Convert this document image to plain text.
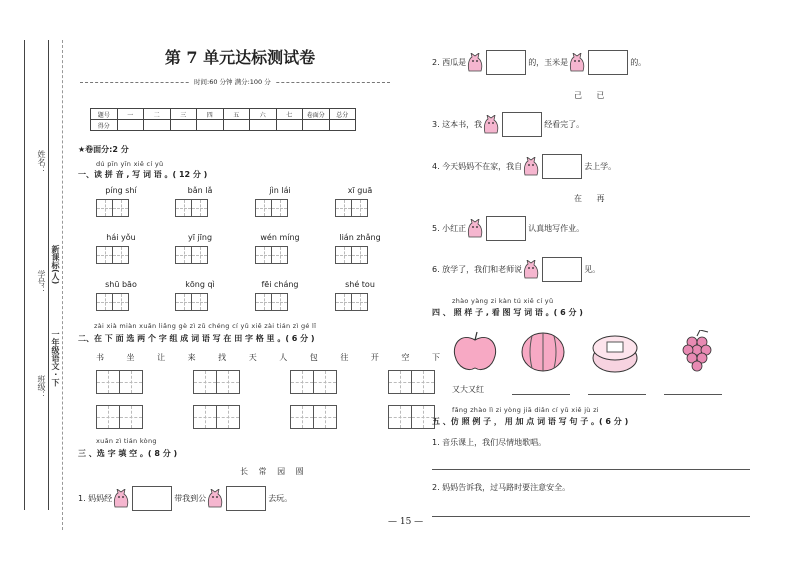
姓名：
学号： 新课标(人)
一年级语文 · 下
班级：
第 7 单元达标测试卷
时间:60 分钟 满分:100 分
题号	一	二	三	四	五	六	七	卷面分	总分
得分									
★卷面分:2 分
dú pīn yīn xiě cí yǔ
一、读 拼 音 , 写 词 语 。( 12 分 )
píng shí	bǎn lǎ	jìn lái	xī guā
hái yǒu	yī jīng	wén míng	lián zhǎng
shū bāo	kōng qì	fēi cháng	shé tou
zài xià miàn xuǎn liǎng gè zì zǔ chéng cí yǔ xiě zài tián zì gé lǐ
二、在 下 面 选 两 个 字 组 成 词 语 写 在 田 字 格 里 。( 6 分 )
书 坐 让 来 找 天 人 包 往 开 空 下
xuǎn zì tián kòng
三 、选 字 填 空 。( 8 分 )
长 常 园 圆
1. 妈妈经	带我到公	去玩。
— 15 —
2. 西瓜是	的，玉米是	的。
己 已
3. 这本书，我	经看完了。
4. 今天妈妈不在家，我自	去上学。
在 再
5. 小红正	认真地写作业。
6. 放学了，我们和老师说	见。
zhào yàng zi kàn tú xiě cí yǔ
四 、 照 样 子 , 看 图 写 词 语 。( 6 分 )
又大又红
fǎng zhào lì zi yòng jiā diǎn cí yǔ xiě jù zi
五 、仿 照 例 子 ， 用 加 点 词 语 写 句 子 。( 6 分 )
1. 音乐课上，我们尽情地歌唱。
2. 妈妈告诉我，过马路时要注意安全。
